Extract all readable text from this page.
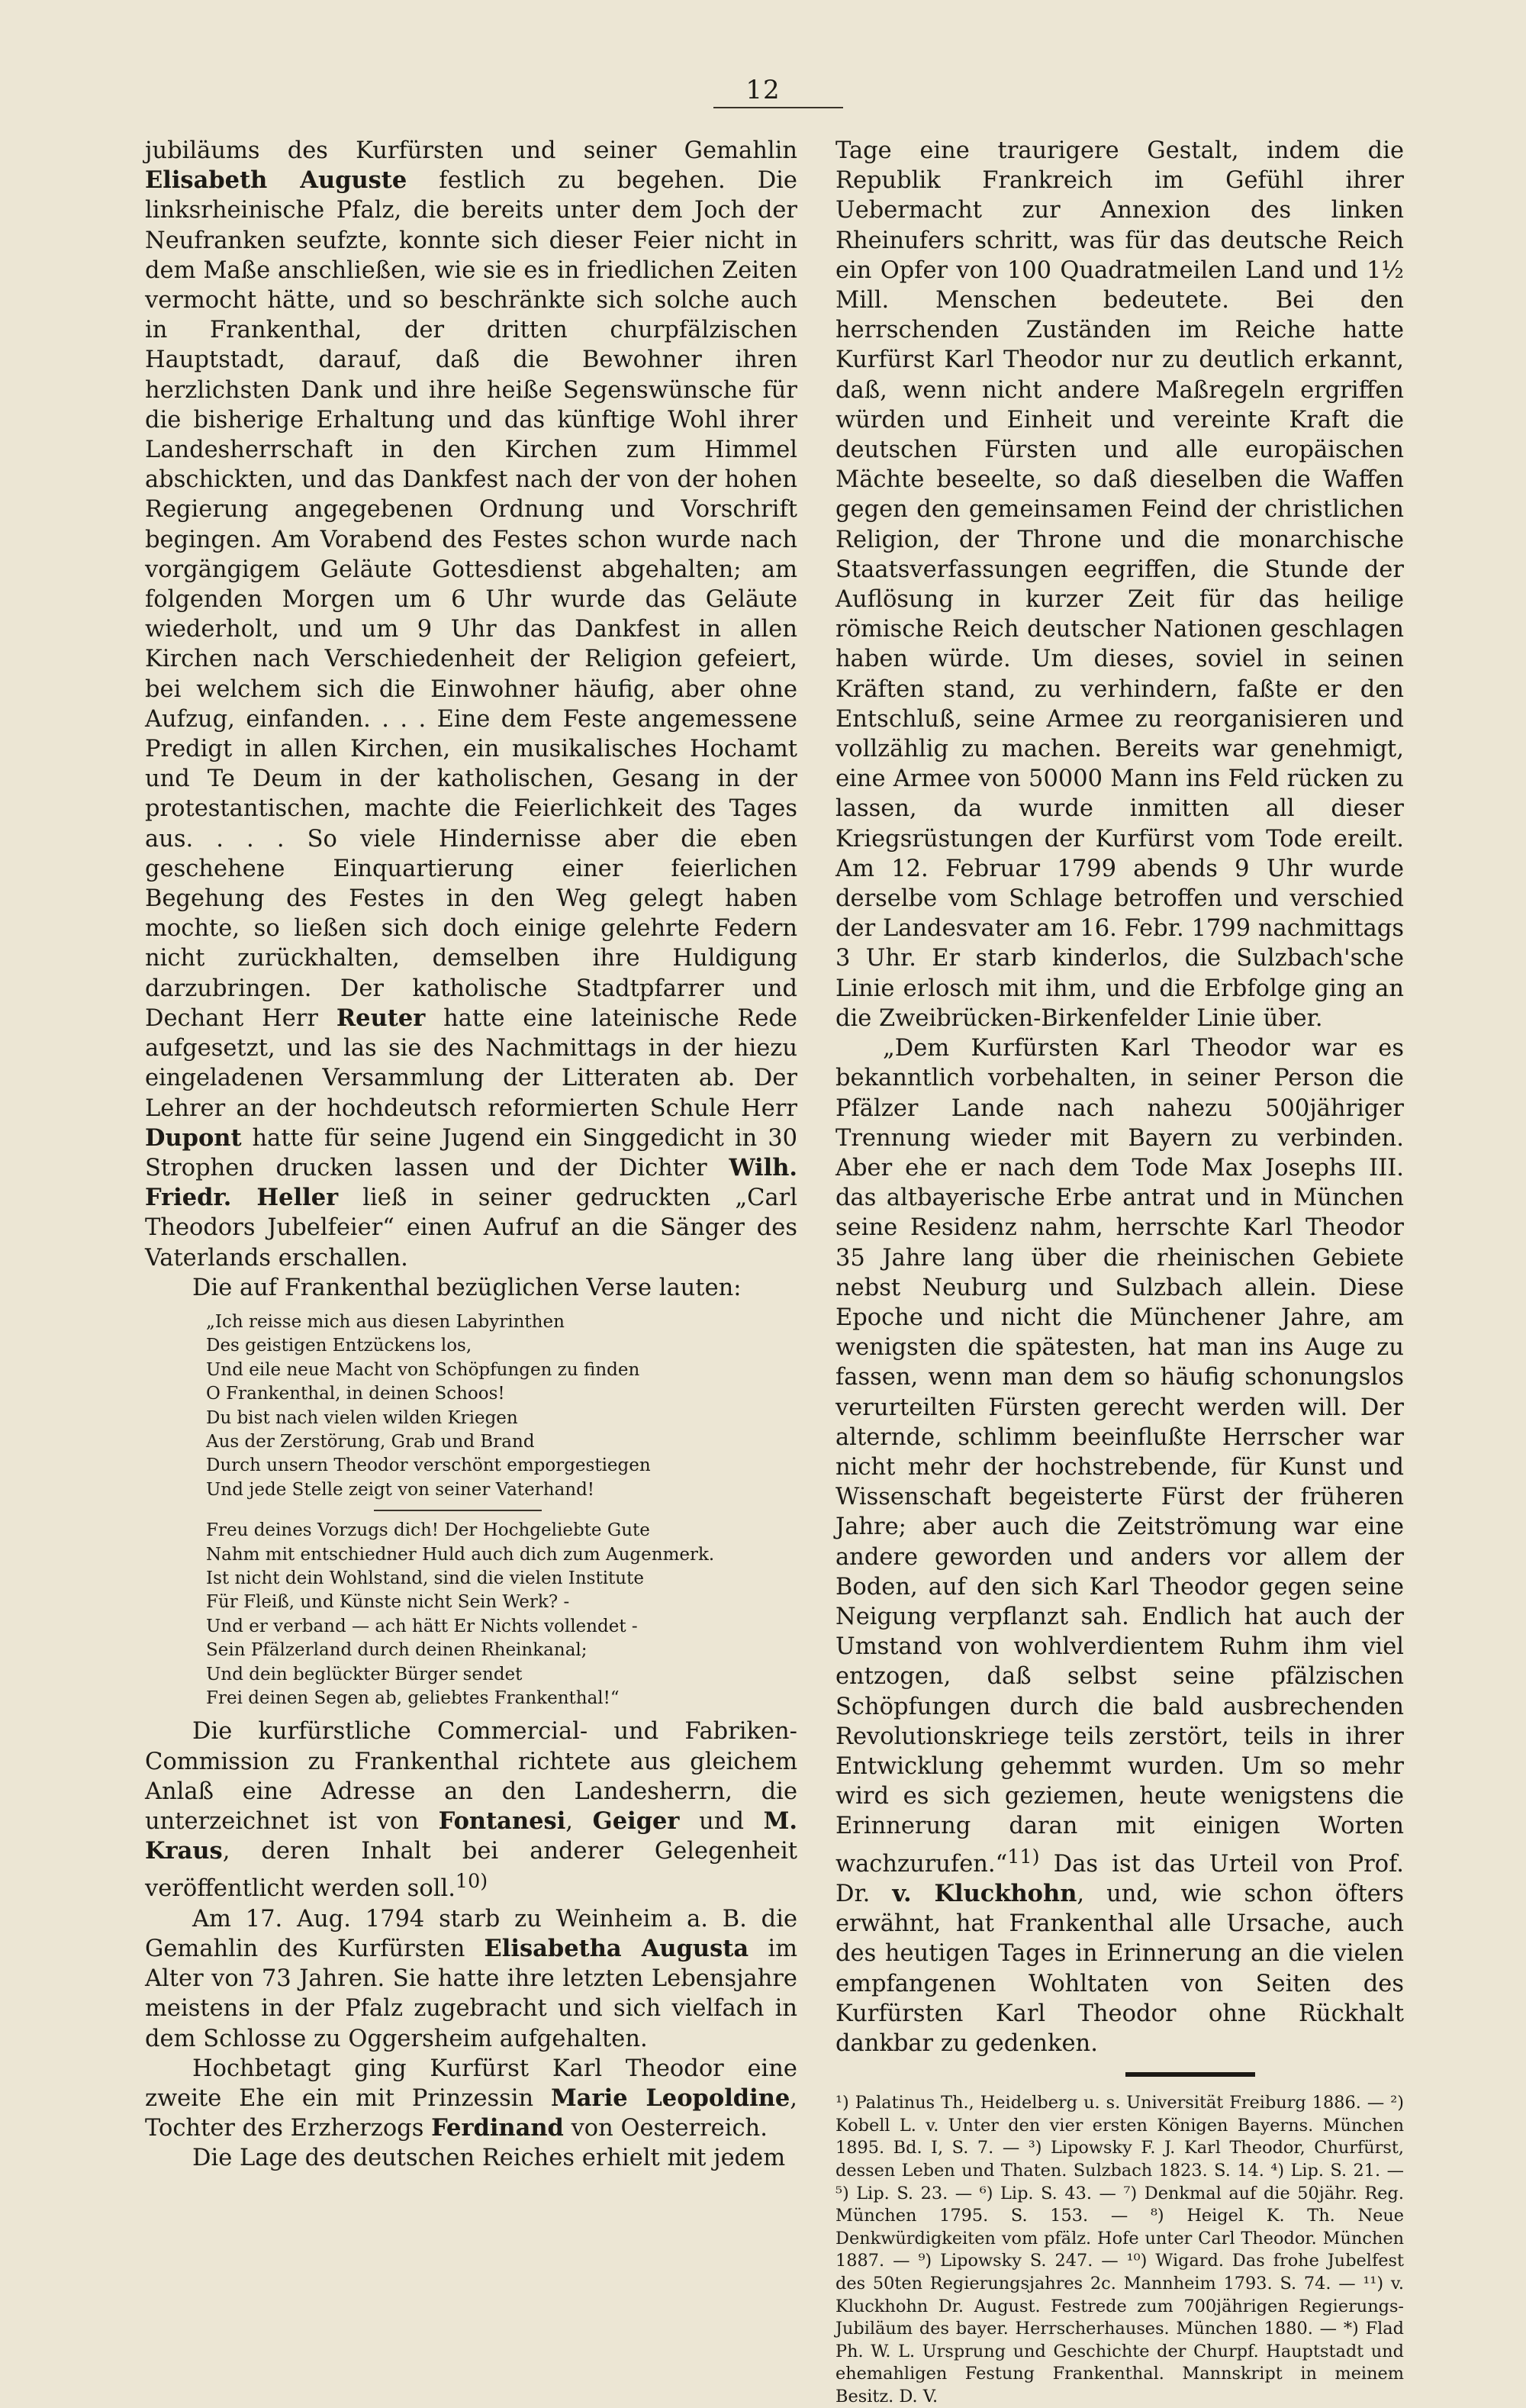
12

jubiläums des Kurfürsten und seiner Gemahlin Elisabeth Auguste festlich zu begehen. Die linksrheinische Pfalz, die bereits unter dem Joch der Neufranken seufzte, konnte sich dieser Feier nicht in dem Maße anschließen, wie sie es in friedlichen Zeiten vermocht hätte, und so beschränkte sich solche auch in Frankenthal, der dritten churpfälzischen Hauptstadt, darauf, daß die Bewohner ihren herzlichsten Dank und ihre heiße Segenswünsche für die bisherige Erhaltung und das künftige Wohl ihrer Landesherrschaft in den Kirchen zum Himmel abschickten, und das Dankfest nach der von der hohen Regierung angegebenen Ordnung und Vorschrift begingen. Am Vorabend des Festes schon wurde nach vorgängigem Geläute Gottesdienst abgehalten; am folgenden Morgen um 6 Uhr wurde das Geläute wiederholt, und um 9 Uhr das Dankfest in allen Kirchen nach Verschiedenheit der Religion gefeiert, bei welchem sich die Einwohner häufig, aber ohne Aufzug, einfanden. . . . Eine dem Feste angemessene Predigt in allen Kirchen, ein musikalisches Hochamt und Te Deum in der katholischen, Gesang in der protestantischen, machte die Feierlichkeit des Tages aus. . . . So viele Hindernisse aber die eben geschehene Einquartierung einer feierlichen Begehung des Festes in den Weg gelegt haben mochte, so ließen sich doch einige gelehrte Federn nicht zurückhalten, demselben ihre Huldigung darzubringen. Der katholische Stadtpfarrer und Dechant Herr Reuter hatte eine lateinische Rede aufgesetzt, und las sie des Nachmittags in der hiezu eingeladenen Versammlung der Litteraten ab. Der Lehrer an der hochdeutsch reformierten Schule Herr Dupont hatte für seine Jugend ein Singgedicht in 30 Strophen drucken lassen und der Dichter Wilh. Friedr. Heller ließ in seiner gedruckten „Carl Theodors Jubelfeier“ einen Aufruf an die Sänger des Vaterlands erschallen.

Die auf Frankenthal bezüglichen Verse lauten:

„Ich reisse mich aus diesen Labyrinthen
Des geistigen Entzückens los,
Und eile neue Macht von Schöpfungen zu finden
O Frankenthal, in deinen Schoos!
Du bist nach vielen wilden Kriegen
Aus der Zerstörung, Grab und Brand
Durch unsern Theodor verschönt emporgestiegen
Und jede Stelle zeigt von seiner Vaterhand!
Freu deines Vorzugs dich! Der Hochgeliebte Gute
Nahm mit entschiedner Huld auch dich zum Augenmerk.
Ist nicht dein Wohlstand, sind die vielen Institute
Für Fleiß, und Künste nicht Sein Werk? -
Und er verband — ach hätt Er Nichts vollendet -
Sein Pfälzerland durch deinen Rheinkanal;
Und dein beglückter Bürger sendet
Frei deinen Segen ab, geliebtes Frankenthal!“

Die kurfürstliche Commercial- und Fabriken-Commission zu Frankenthal richtete aus gleichem Anlaß eine Adresse an den Landesherrn, die unterzeichnet ist von Fontanesi, Geiger und M. Kraus, deren Inhalt bei anderer Gelegenheit veröffentlicht werden soll.$^{10)}$

Am 17. Aug. 1794 starb zu Weinheim a. B. die Gemahlin des Kurfürsten Elisabetha Augusta im Alter von 73 Jahren. Sie hatte ihre letzten Lebensjahre meistens in der Pfalz zugebracht und sich vielfach in dem Schlosse zu Oggersheim aufgehalten.

Hochbetagt ging Kurfürst Karl Theodor eine zweite Ehe ein mit Prinzessin Marie Leopoldine, Tochter des Erzherzogs Ferdinand von Oesterreich.

Die Lage des deutschen Reiches erhielt mit jedem

Tage eine traurigere Gestalt, indem die Republik Frankreich im Gefühl ihrer Uebermacht zur Annexion des linken Rheinufers schritt, was für das deutsche Reich ein Opfer von 100 Quadratmeilen Land und 1½ Mill. Menschen bedeutete. Bei den herrschenden Zuständen im Reiche hatte Kurfürst Karl Theodor nur zu deutlich erkannt, daß, wenn nicht andere Maßregeln ergriffen würden und Einheit und vereinte Kraft die deutschen Fürsten und alle europäischen Mächte beseelte, so daß dieselben die Waffen gegen den gemeinsamen Feind der christlichen Religion, der Throne und die monarchische Staatsverfassungen eegriffen, die Stunde der Auflösung in kurzer Zeit für das heilige römische Reich deutscher Nationen geschlagen haben würde. Um dieses, soviel in seinen Kräften stand, zu verhindern, faßte er den Entschluß, seine Armee zu reorganisieren und vollzählig zu machen. Bereits war genehmigt, eine Armee von 50000 Mann ins Feld rücken zu lassen, da wurde inmitten all dieser Kriegsrüstungen der Kurfürst vom Tode ereilt. Am 12. Februar 1799 abends 9 Uhr wurde derselbe vom Schlage betroffen und verschied der Landesvater am 16. Febr. 1799 nachmittags 3 Uhr. Er starb kinderlos, die Sulzbach'sche Linie erlosch mit ihm, und die Erbfolge ging an die Zweibrücken-Birkenfelder Linie über.

„Dem Kurfürsten Karl Theodor war es bekanntlich vorbehalten, in seiner Person die Pfälzer Lande nach nahezu 500jähriger Trennung wieder mit Bayern zu verbinden. Aber ehe er nach dem Tode Max Josephs III. das altbayerische Erbe antrat und in München seine Residenz nahm, herrschte Karl Theodor 35 Jahre lang über die rheinischen Gebiete nebst Neuburg und Sulzbach allein. Diese Epoche und nicht die Münchener Jahre, am wenigsten die spätesten, hat man ins Auge zu fassen, wenn man dem so häufig schonungslos verurteilten Fürsten gerecht werden will. Der alternde, schlimm beeinflußte Herrscher war nicht mehr der hochstrebende, für Kunst und Wissenschaft begeisterte Fürst der früheren Jahre; aber auch die Zeitströmung war eine andere geworden und anders vor allem der Boden, auf den sich Karl Theodor gegen seine Neigung verpflanzt sah. Endlich hat auch der Umstand von wohlverdientem Ruhm ihm viel entzogen, daß selbst seine pfälzischen Schöpfungen durch die bald ausbrechenden Revolutionskriege teils zerstört, teils in ihrer Entwicklung gehemmt wurden. Um so mehr wird es sich geziemen, heute wenigstens die Erinnerung daran mit einigen Worten wachzurufen.“$^{11)}$ Das ist das Urteil von Prof. Dr. v. Kluckhohn, und, wie schon öfters erwähnt, hat Frankenthal alle Ursache, auch des heutigen Tages in Erinnerung an die vielen empfangenen Wohltaten von Seiten des Kurfürsten Karl Theodor ohne Rückhalt dankbar zu gedenken.

¹) Palatinus Th., Heidelberg u. s. Universität Freiburg 1886. — ²) Kobell L. v. Unter den vier ersten Königen Bayerns. München 1895. Bd. I, S. 7. — ³) Lipowsky F. J. Karl Theodor, Churfürst, dessen Leben und Thaten. Sulzbach 1823. S. 14. ⁴) Lip. S. 21. — ⁵) Lip. S. 23. — ⁶) Lip. S. 43. — ⁷) Denkmal auf die 50jähr. Reg. München 1795. S. 153. — ⁸) Heigel K. Th. Neue Denkwürdigkeiten vom pfälz. Hofe unter Carl Theodor. München 1887. — ⁹) Lipowsky S. 247. — ¹⁰) Wigard. Das frohe Jubelfest des 50ten Regierungsjahres 2c. Mannheim 1793. S. 74. — ¹¹) v. Kluckhohn Dr. August. Festrede zum 700jährigen Regierungs-Jubiläum des bayer. Herrscherhauses. München 1880. — *) Flad Ph. W. L. Ursprung und Geschichte der Churpf. Hauptstadt und ehemahligen Festung Frankenthal. Mannskript in meinem Besitz. D. V.
